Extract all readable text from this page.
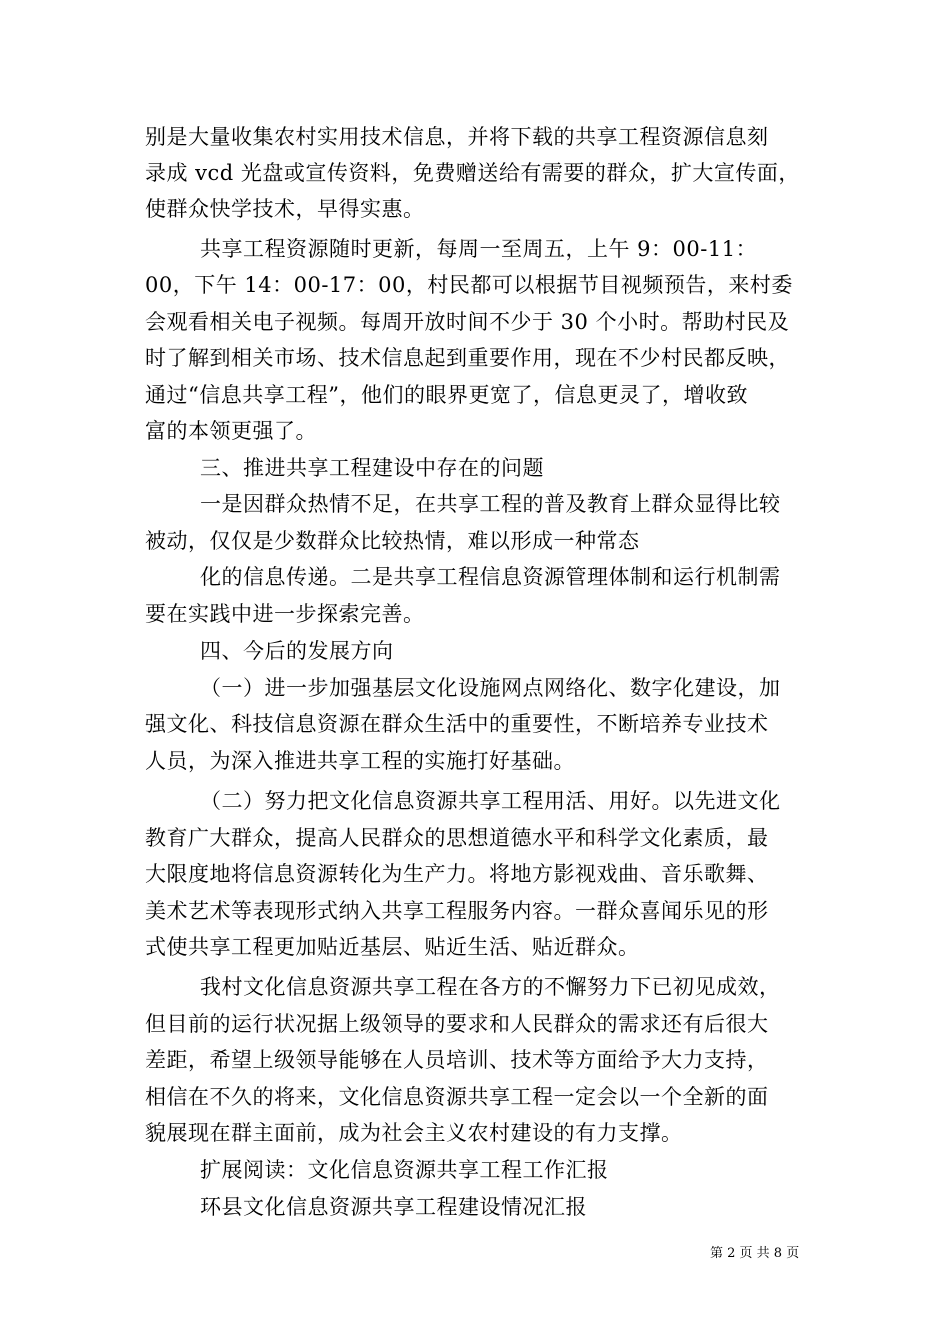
别是大量收集农村实用技术信息，并将下载的共享工程资源信息刻
录成 vcd 光盘或宣传资料，免费赠送给有需要的群众，扩大宣传面，
使群众快学技术，早得实惠。
共享工程资源随时更新，每周一至周五，上午 9：00-11：
00，下午 14：00-17：00，村民都可以根据节目视频预告，来村委
会观看相关电子视频。每周开放时间不少于 30 个小时。帮助村民及
时了解到相关市场、技术信息起到重要作用，现在不少村民都反映，
通过“信息共享工程”，他们的眼界更宽了，信息更灵了，增收致
富的本领更强了。
三、推进共享工程建设中存在的问题
一是因群众热情不足，在共享工程的普及教育上群众显得比较
被动，仅仅是少数群众比较热情，难以形成一种常态
化的信息传递。二是共享工程信息资源管理体制和运行机制需
要在实践中进一步探索完善。
四、今后的发展方向
（一）进一步加强基层文化设施网点网络化、数字化建设，加
强文化、科技信息资源在群众生活中的重要性，不断培养专业技术
人员，为深入推进共享工程的实施打好基础。
（二）努力把文化信息资源共享工程用活、用好。以先进文化
教育广大群众，提高人民群众的思想道德水平和科学文化素质，最
大限度地将信息资源转化为生产力。将地方影视戏曲、音乐歌舞、
美术艺术等表现形式纳入共享工程服务内容。一群众喜闻乐见的形
式使共享工程更加贴近基层、贴近生活、贴近群众。
我村文化信息资源共享工程在各方的不懈努力下已初见成效，
但目前的运行状况据上级领导的要求和人民群众的需求还有后很大
差距，希望上级领导能够在人员培训、技术等方面给予大力支持，
相信在不久的将来，文化信息资源共享工程一定会以一个全新的面
貌展现在群主面前，成为社会主义农村建设的有力支撑。
扩展阅读：文化信息资源共享工程工作汇报
环县文化信息资源共享工程建设情况汇报
第 2 页 共 8 页
